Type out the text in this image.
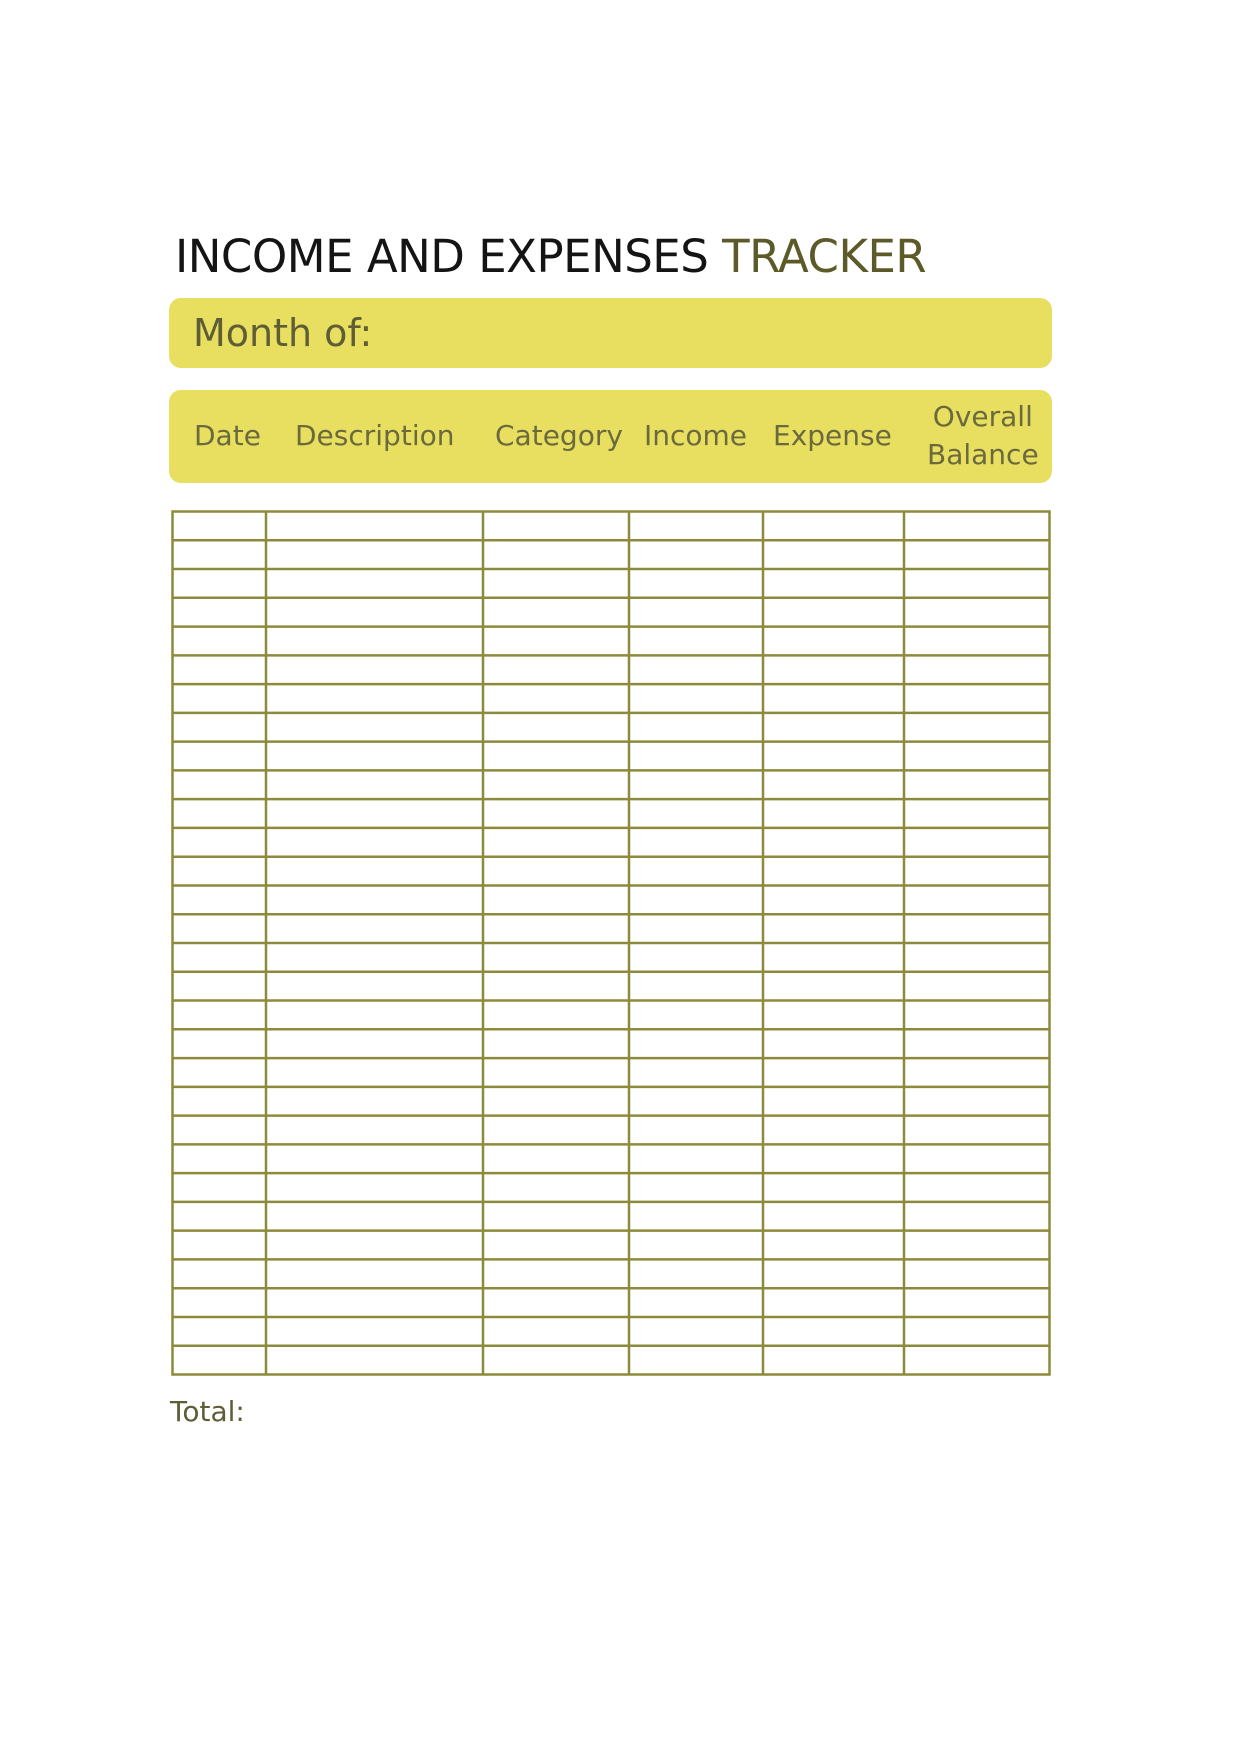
INCOME AND EXPENSES TRACKER
Month of:
Date Description Category Income Expense
Overall
Balance
Total:
